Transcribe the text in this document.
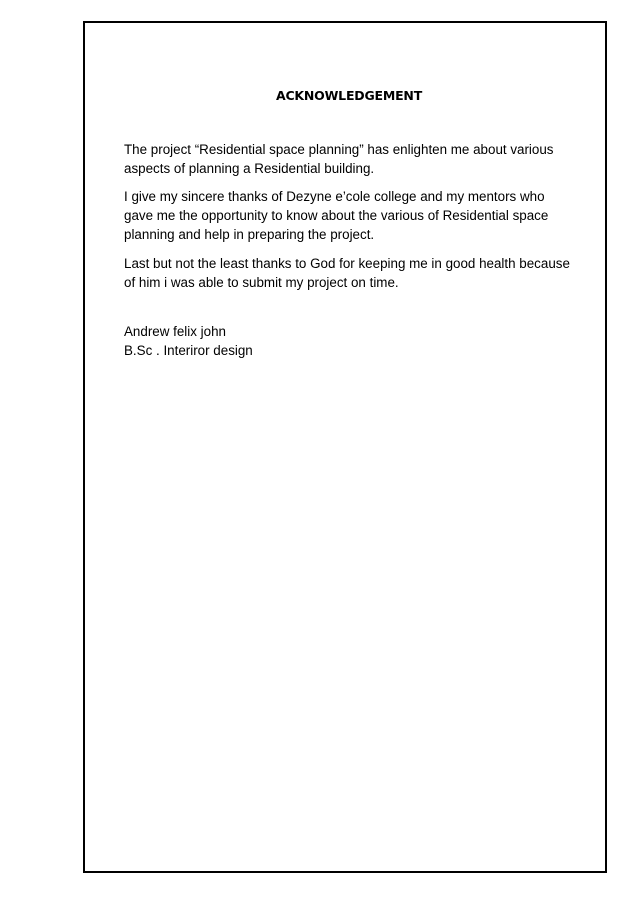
ACKNOWLEDGEMENT

The project “Residential space planning” has enlighten me about various aspects of planning a Residential building.

I give my sincere thanks of Dezyne e’cole college and my mentors who gave me the opportunity to know about the various of Residential space planning and help in preparing the project.

Last but not the least thanks to God for keeping me in good health because of him i was able to submit my project on time.

Andrew felix john
B.Sc . Interiror design
